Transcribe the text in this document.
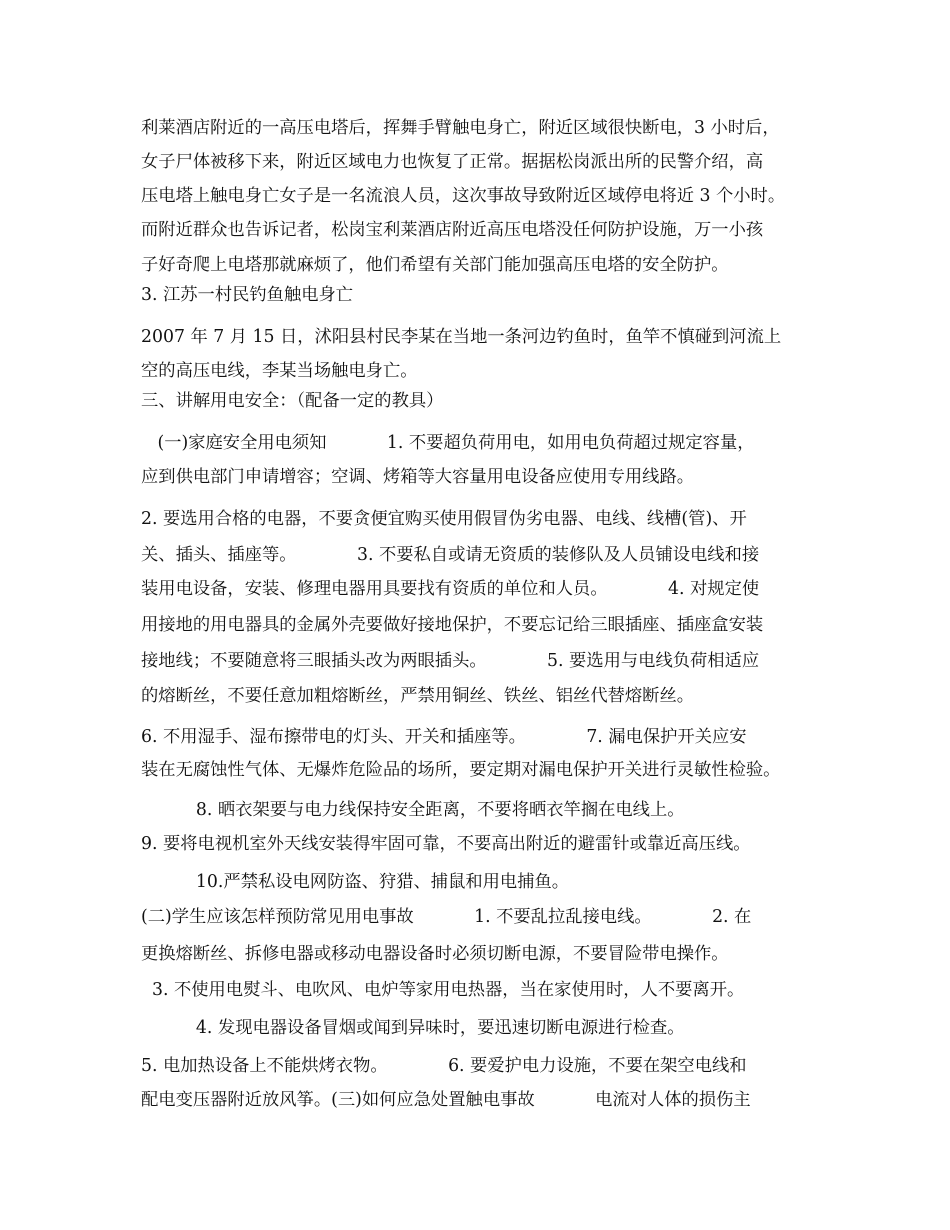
利莱酒店附近的一高压电塔后，挥舞手臂触电身亡，附近区域很快断电，3 小时后，
女子尸体被移下来，附近区域电力也恢复了正常。据据松岗派出所的民警介绍，高
压电塔上触电身亡女子是一名流浪人员，这次事故导致附近区域停电将近 3 个小时。
而附近群众也告诉记者，松岗宝利莱酒店附近高压电塔没任何防护设施，万一小孩
子好奇爬上电塔那就麻烦了，他们希望有关部门能加强高压电塔的安全防护。
3. 江苏一村民钓鱼触电身亡
2007 年 7 月 15 日，沭阳县村民李某在当地一条河边钓鱼时，鱼竿不慎碰到河流上
空的高压电线，李某当场触电身亡。
三、讲解用电安全：（配备一定的教具）
(一)家庭安全用电须知           1. 不要超负荷用电，如用电负荷超过规定容量，
应到供电部门申请增容；空调、烤箱等大容量用电设备应使用专用线路。
2. 要选用合格的电器，不要贪便宜购买使用假冒伪劣电器、电线、线槽(管)、开
关、插头、插座等。           3. 不要私自或请无资质的装修队及人员铺设电线和接
装用电设备，安装、修理电器用具要找有资质的单位和人员。           4. 对规定使
用接地的用电器具的金属外壳要做好接地保护，不要忘记给三眼插座、插座盒安装
接地线；不要随意将三眼插头改为两眼插头。           5. 要选用与电线负荷相适应
的熔断丝，不要任意加粗熔断丝，严禁用铜丝、铁丝、铝丝代替熔断丝。
6. 不用湿手、湿布擦带电的灯头、开关和插座等。           7. 漏电保护开关应安
装在无腐蚀性气体、无爆炸危险品的场所，要定期对漏电保护开关进行灵敏性检验。
8. 晒衣架要与电力线保持安全距离，不要将晒衣竿搁在电线上。
9. 要将电视机室外天线安装得牢固可靠，不要高出附近的避雷针或靠近高压线。
10.严禁私设电网防盗、狩猎、捕鼠和用电捕鱼。
(二)学生应该怎样预防常见用电事故           1. 不要乱拉乱接电线。           2. 在
更换熔断丝、拆修电器或移动电器设备时必须切断电源，不要冒险带电操作。
3. 不使用电熨斗、电吹风、电炉等家用电热器，当在家使用时，人不要离开。
4. 发现电器设备冒烟或闻到异味时，要迅速切断电源进行检查。
5. 电加热设备上不能烘烤衣物。           6. 要爱护电力设施，不要在架空电线和
配电变压器附近放风筝。(三)如何应急处置触电事故           电流对人体的损伤主
